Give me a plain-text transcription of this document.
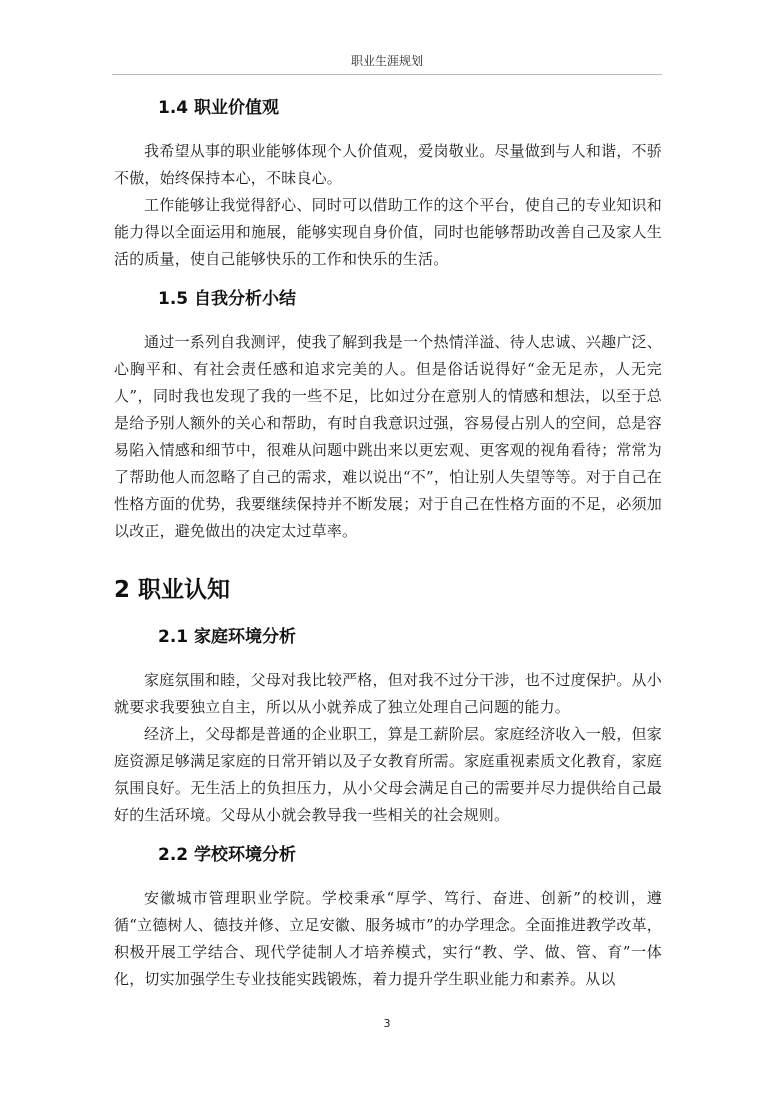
职业生涯规划
1.4 职业价值观

我希望从事的职业能够体现个人价值观，爱岗敬业。尽量做到与人和谐，不骄不傲，始终保持本心，不昧良心。

工作能够让我觉得舒心、同时可以借助工作的这个平台，使自己的专业知识和能力得以全面运用和施展，能够实现自身价值，同时也能够帮助改善自己及家人生活的质量，使自己能够快乐的工作和快乐的生活。

1.5 自我分析小结

通过一系列自我测评，使我了解到我是一个热情洋溢、待人忠诚、兴趣广泛、心胸平和、有社会责任感和追求完美的人。但是俗话说得好“金无足赤，人无完人”，同时我也发现了我的一些不足，比如过分在意别人的情感和想法，以至于总是给予别人额外的关心和帮助，有时自我意识过强，容易侵占别人的空间，总是容易陷入情感和细节中，很难从问题中跳出来以更宏观、更客观的视角看待；常常为了帮助他人而忽略了自己的需求，难以说出“不”，怕让别人失望等等。对于自己在性格方面的优势，我要继续保持并不断发展；对于自己在性格方面的不足，必须加以改正，避免做出的决定太过草率。

2 职业认知
2.1 家庭环境分析

家庭氛围和睦，父母对我比较严格，但对我不过分干涉，也不过度保护。从小就要求我要独立自主，所以从小就养成了独立处理自己问题的能力。

经济上，父母都是普通的企业职工，算是工薪阶层。家庭经济收入一般，但家庭资源足够满足家庭的日常开销以及子女教育所需。家庭重视素质文化教育，家庭氛围良好。无生活上的负担压力，从小父母会满足自己的需要并尽力提供给自己最好的生活环境。父母从小就会教导我一些相关的社会规则。

2.2 学校环境分析

安徽城市管理职业学院。学校秉承“厚学、笃行、奋进、创新”的校训，遵循“立德树人、德技并修、立足安徽、服务城市”的办学理念。全面推进教学改革，积极开展工学结合、现代学徒制人才培养模式，实行“教、学、做、管、育”一体化，切实加强学生专业技能实践锻炼，着力提升学生职业能力和素养。从以

3
